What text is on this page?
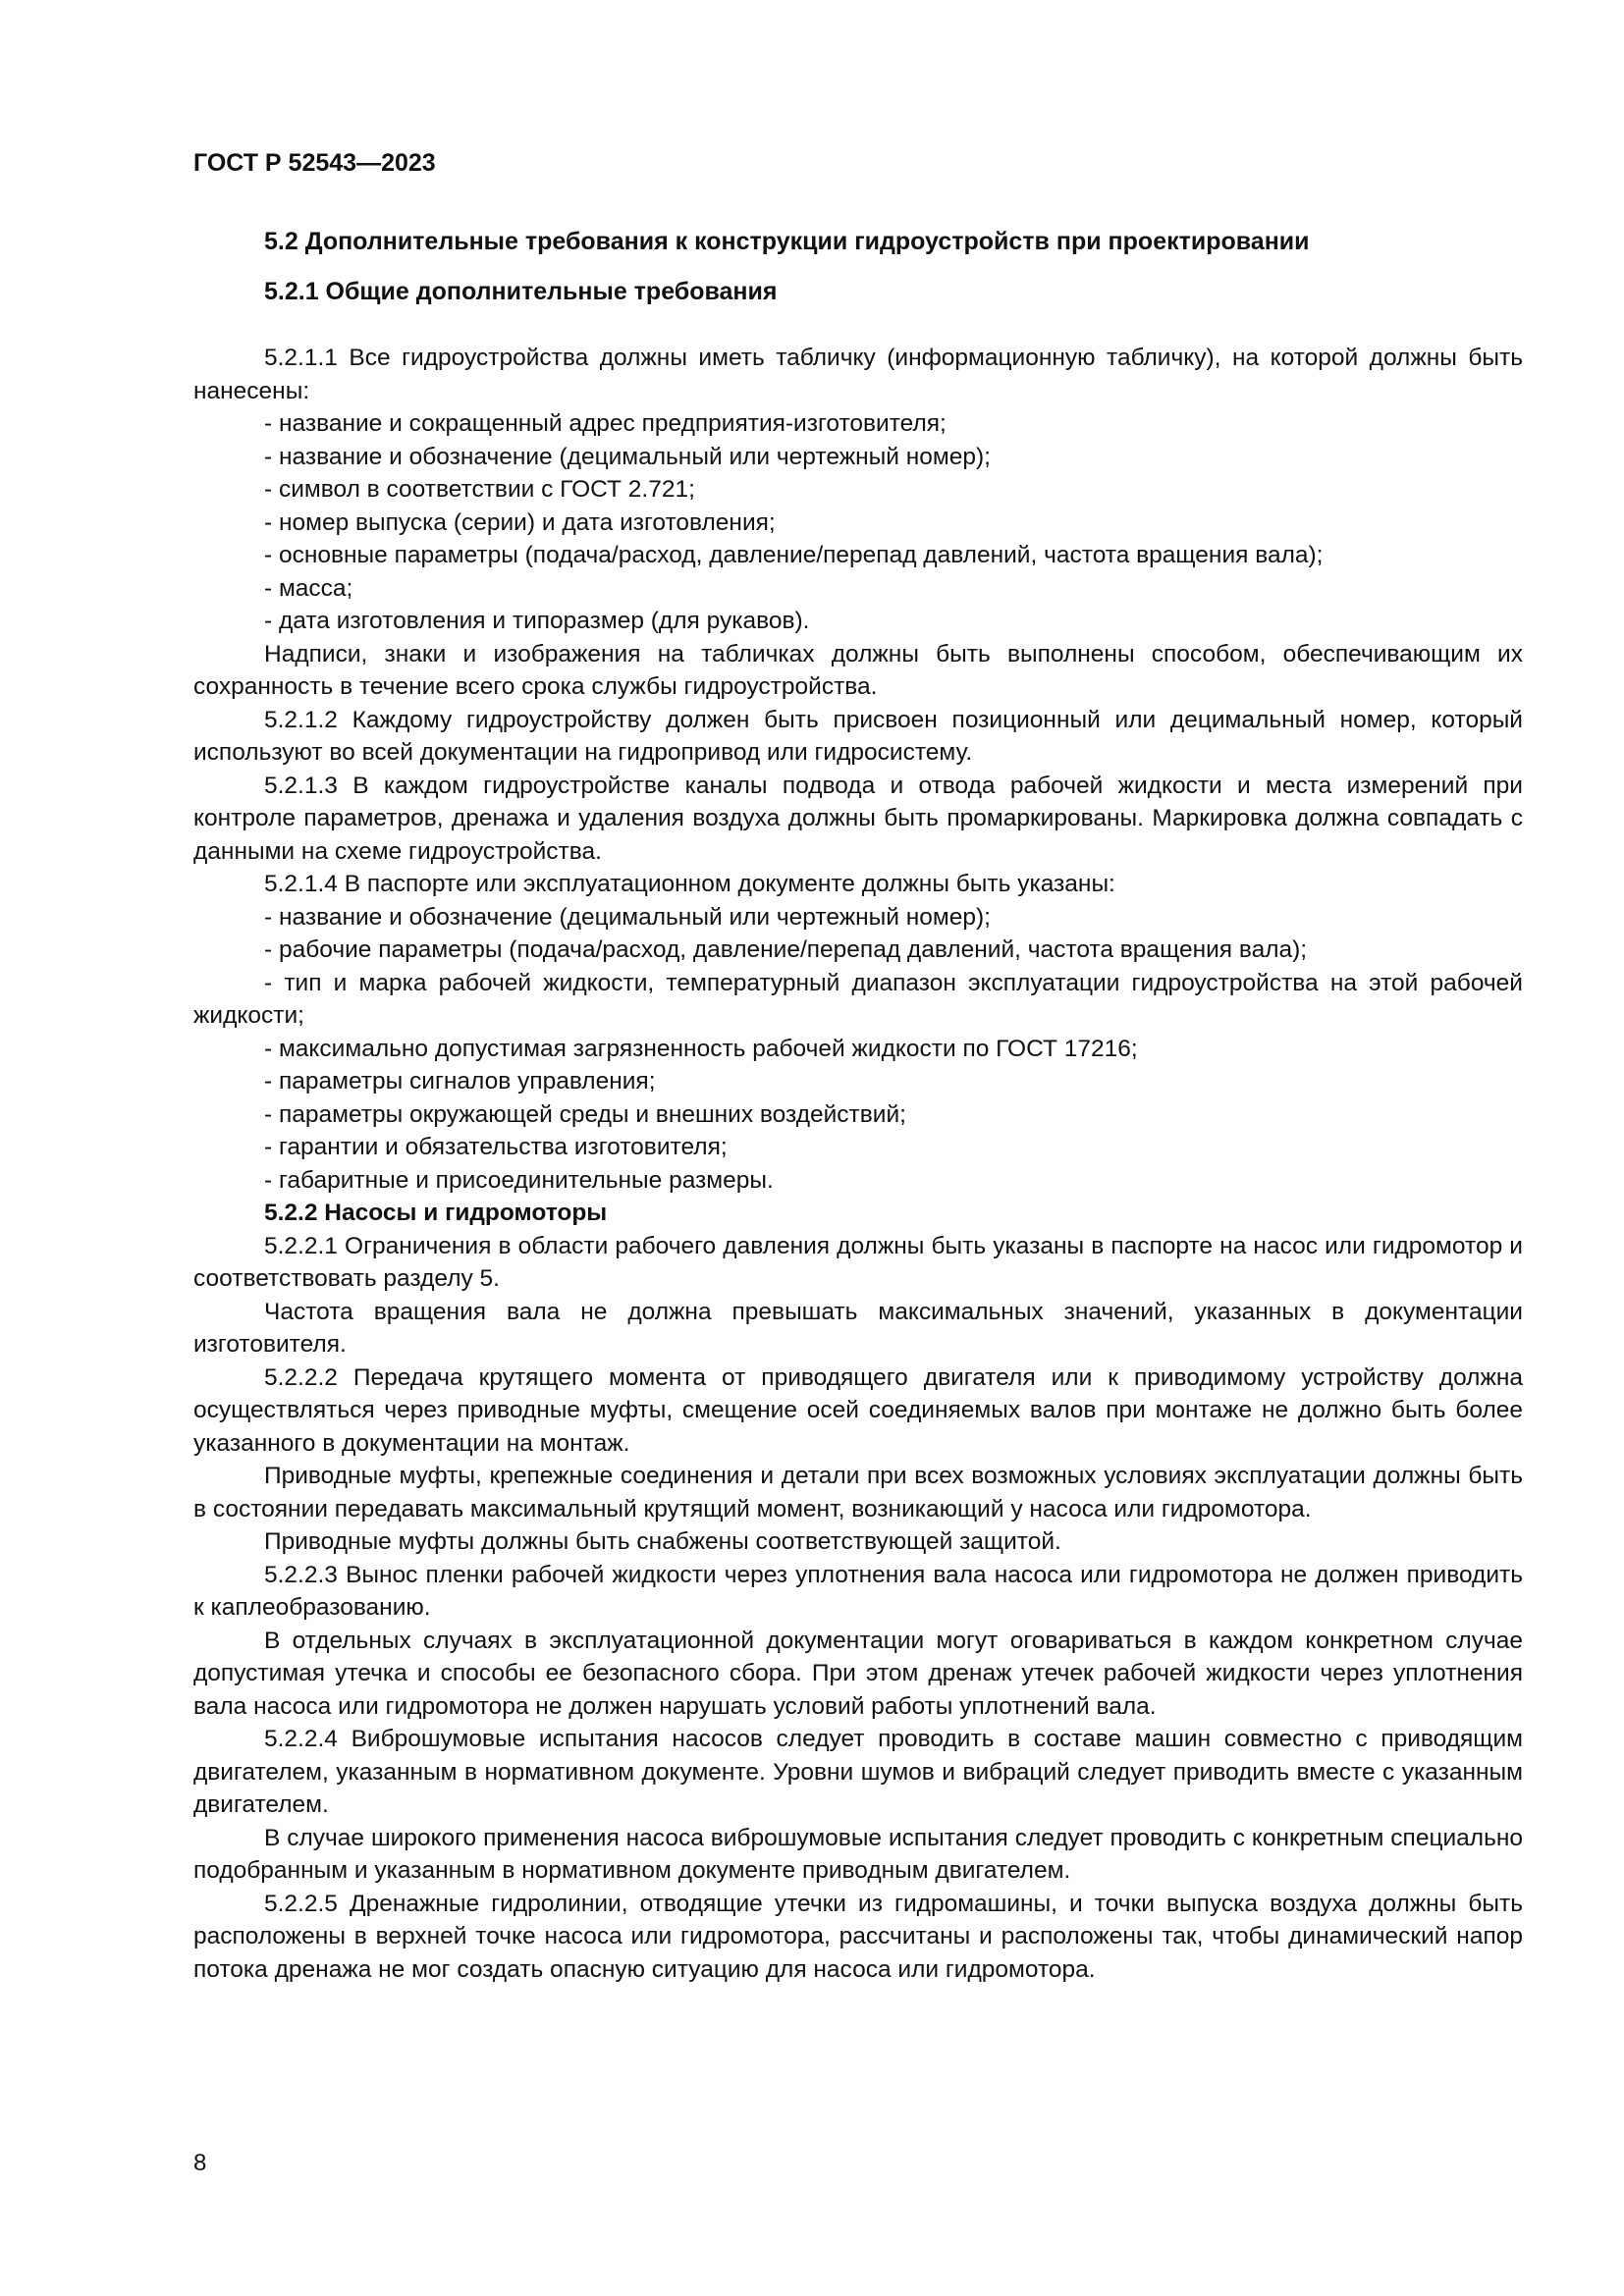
ГОСТ Р 52543—2023
5.2 Дополнительные требования к конструкции гидроустройств при проектировании
5.2.1 Общие дополнительные требования

5.2.1.1 Все гидроустройства должны иметь табличку (информационную табличку), на которой должны быть нанесены:

- название и сокращенный адрес предприятия-изготовителя;

- название и обозначение (децимальный или чертежный номер);

- символ в соответствии с ГОСТ 2.721;

- номер выпуска (серии) и дата изготовления;

- основные параметры (подача/расход, давление/перепад давлений, частота вращения вала);

- масса;

- дата изготовления и типоразмер (для рукавов).

Надписи, знаки и изображения на табличках должны быть выполнены способом, обеспечивающим их сохранность в течение всего срока службы гидроустройства.

5.2.1.2 Каждому гидроустройству должен быть присвоен позиционный или децимальный номер, который используют во всей документации на гидропривод или гидросистему.

5.2.1.3 В каждом гидроустройстве каналы подвода и отвода рабочей жидкости и места измерений при контроле параметров, дренажа и удаления воздуха должны быть промаркированы. Маркировка должна совпадать с данными на схеме гидроустройства.

5.2.1.4 В паспорте или эксплуатационном документе должны быть указаны:

- название и обозначение (децимальный или чертежный номер);

- рабочие параметры (подача/расход, давление/перепад давлений, частота вращения вала);

- тип и марка рабочей жидкости, температурный диапазон эксплуатации гидроустройства на этой рабочей жидкости;

- максимально допустимая загрязненность рабочей жидкости по ГОСТ 17216;

- параметры сигналов управления;

- параметры окружающей среды и внешних воздействий;

- гарантии и обязательства изготовителя;

- габаритные и присоединительные размеры.

5.2.2 Насосы и гидромоторы

5.2.2.1 Ограничения в области рабочего давления должны быть указаны в паспорте на насос или гидромотор и соответствовать разделу 5.

Частота вращения вала не должна превышать максимальных значений, указанных в документации изготовителя.

5.2.2.2 Передача крутящего момента от приводящего двигателя или к приводимому устройству должна осуществляться через приводные муфты, смещение осей соединяемых валов при монтаже не должно быть более указанного в документации на монтаж.

Приводные муфты, крепежные соединения и детали при всех возможных условиях эксплуатации должны быть в состоянии передавать максимальный крутящий момент, возникающий у насоса или гидромотора.

Приводные муфты должны быть снабжены соответствующей защитой.

5.2.2.3 Вынос пленки рабочей жидкости через уплотнения вала насоса или гидромотора не должен приводить к каплеобразованию.

В отдельных случаях в эксплуатационной документации могут оговариваться в каждом конкретном случае допустимая утечка и способы ее безопасного сбора. При этом дренаж утечек рабочей жидкости через уплотнения вала насоса или гидромотора не должен нарушать условий работы уплотнений вала.

5.2.2.4 Виброшумовые испытания насосов следует проводить в составе машин совместно с приводящим двигателем, указанным в нормативном документе. Уровни шумов и вибраций следует приводить вместе с указанным двигателем.

В случае широкого применения насоса виброшумовые испытания следует проводить с конкретным специально подобранным и указанным в нормативном документе приводным двигателем.

5.2.2.5 Дренажные гидролинии, отводящие утечки из гидромашины, и точки выпуска воздуха должны быть расположены в верхней точке насоса или гидромотора, рассчитаны и расположены так, чтобы динамический напор потока дренажа не мог создать опасную ситуацию для насоса или гидромотора.

8
